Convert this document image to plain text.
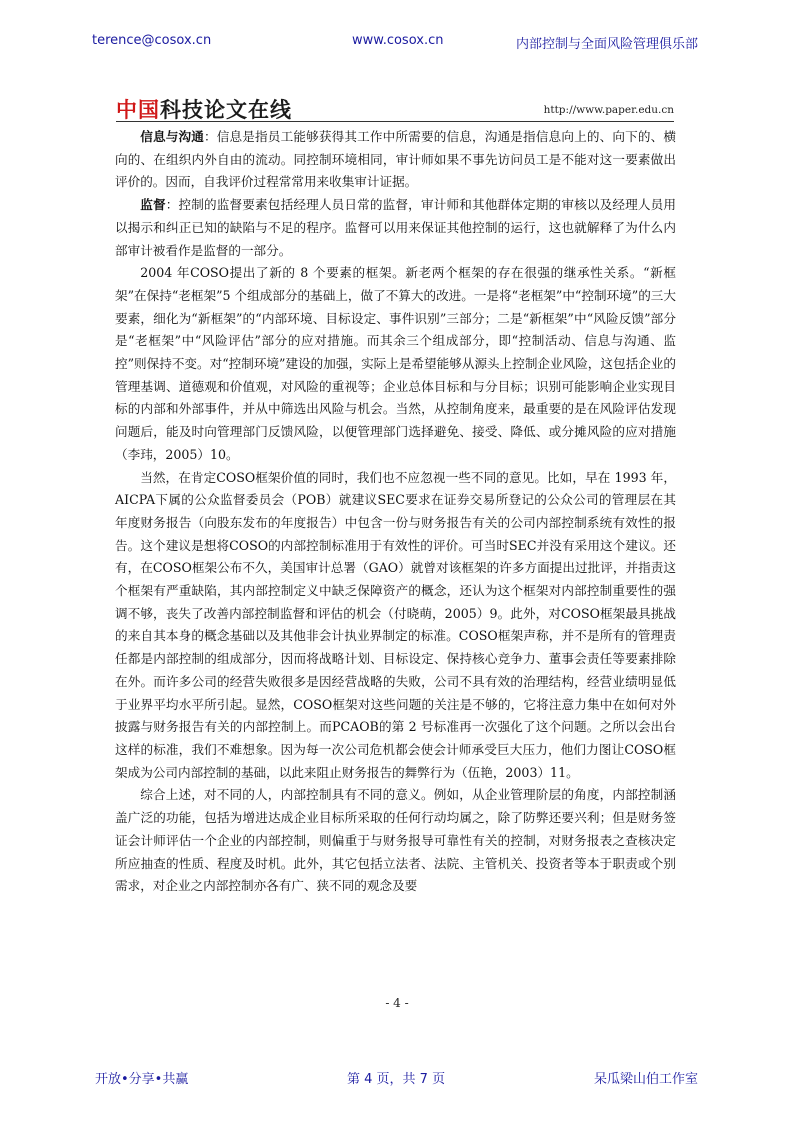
terence@cosox.cn	www.cosox.cn	内部控制与全面风险管理俱乐部
中国科技论文在线	http://www.paper.edu.cn

信息与沟通：信息是指员工能够获得其工作中所需要的信息，沟通是指信息向上的、向下的、横向的、在组织内外自由的流动。同控制环境相同，审计师如果不事先访问员工是不能对这一要素做出评价的。因而，自我评价过程常常用来收集审计证据。

监督：控制的监督要素包括经理人员日常的监督，审计师和其他群体定期的审核以及经理人员用以揭示和纠正已知的缺陷与不足的程序。监督可以用来保证其他控制的运行，这也就解释了为什么内部审计被看作是监督的一部分。

2004 年COSO提出了新的 8 个要素的框架。新老两个框架的存在很强的继承性关系。“新框架”在保持“老框架”5 个组成部分的基础上，做了不算大的改进。一是将“老框架”中“控制环境”的三大要素，细化为“新框架”的“内部环境、目标设定、事件识别”三部分；二是“新框架”中“风险反馈”部分是“老框架”中“风险评估”部分的应对措施。而其余三个组成部分，即“控制活动、信息与沟通、监控”则保持不变。对“控制环境”建设的加强，实际上是希望能够从源头上控制企业风险，这包括企业的管理基调、道德观和价值观，对风险的重视等；企业总体目标和与分目标；识别可能影响企业实现目标的内部和外部事件，并从中筛选出风险与机会。当然，从控制角度来，最重要的是在风险评估发现问题后，能及时向管理部门反馈风险，以便管理部门选择避免、接受、降低、或分摊风险的应对措施（李玮，2005）10。

当然，在肯定COSO框架价值的同时，我们也不应忽视一些不同的意见。比如，早在 1993 年，AICPA下属的公众监督委员会（POB）就建议SEC要求在证券交易所登记的公众公司的管理层在其年度财务报告（向股东发布的年度报告）中包含一份与财务报告有关的公司内部控制系统有效性的报告。这个建议是想将COSO的内部控制标准用于有效性的评价。可当时SEC并没有采用这个建议。还有，在COSO框架公布不久，美国审计总署（GAO）就曾对该框架的许多方面提出过批评，并指责这个框架有严重缺陷，其内部控制定义中缺乏保障资产的概念，还认为这个框架对内部控制重要性的强调不够，丧失了改善内部控制监督和评估的机会（付晓萌，2005）9。此外，对COSO框架最具挑战的来自其本身的概念基础以及其他非会计执业界制定的标准。COSO框架声称，并不是所有的管理责任都是内部控制的组成部分，因而将战略计划、目标设定、保持核心竞争力、董事会责任等要素排除在外。而许多公司的经营失败很多是因经营战略的失败，公司不具有效的治理结构，经营业绩明显低于业界平均水平所引起。显然，COSO框架对这些问题的关注是不够的，它将注意力集中在如何对外披露与财务报告有关的内部控制上。而PCAOB的第 2 号标准再一次强化了这个问题。之所以会出台这样的标准，我们不难想象。因为每一次公司危机都会使会计师承受巨大压力，他们力图让COSO框架成为公司内部控制的基础，以此来阻止财务报告的舞弊行为（伍艳，2003）11。

综合上述，对不同的人，内部控制具有不同的意义。例如，从企业管理阶层的角度，内部控制涵盖广泛的功能，包括为增进达成企业目标所采取的任何行动均属之，除了防弊还要兴利；但是财务签证会计师评估一个企业的内部控制，则偏重于与财务报导可靠性有关的控制，对财务报表之查核决定所应抽查的性质、程度及时机。此外，其它包括立法者、法院、主管机关、投资者等本于职责或个别需求，对企业之内部控制亦各有广、狭不同的观念及要

- 4 -
开放•分享•共赢	第 4 页，共 7 页	呆瓜梁山伯工作室
